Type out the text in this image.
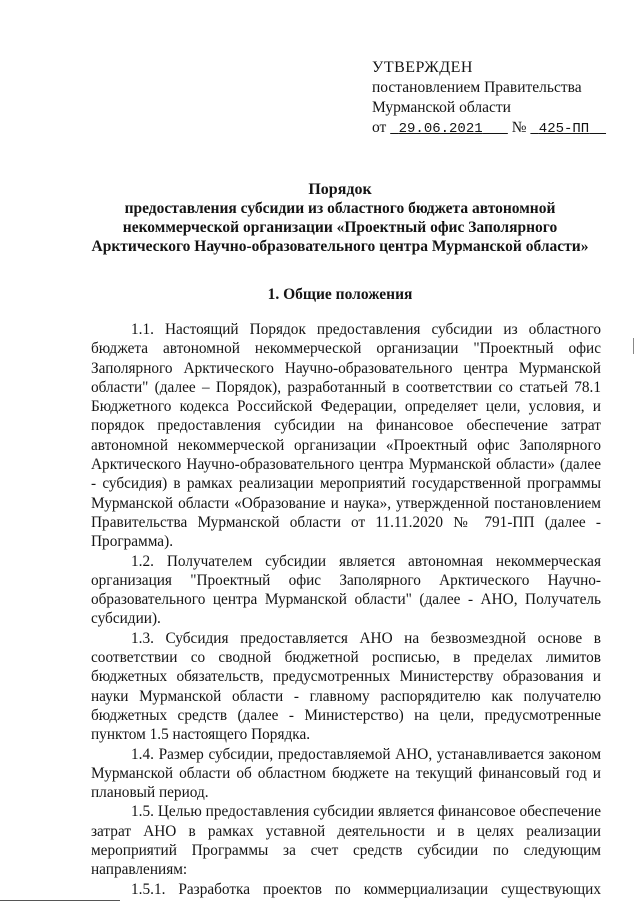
УТВЕРЖДЕН
постановлением Правительства
Мурманской области
от 29.06.2021 № 425-ПП
Порядок
предоставления субсидии из областного бюджета автономной некоммерческой организации «Проектный офис Заполярного Арктического Научно-образовательного центра Мурманской области»
1. Общие положения

1.1. Настоящий Порядок предоставления субсидии из областного бюджета автономной некоммерческой организации "Проектный офис Заполярного Арктического Научно-образовательного центра Мурманской области" (далее – Порядок), разработанный в соответствии со статьей 78.1 Бюджетного кодекса Российской Федерации, определяет цели, условия, и порядок предоставления субсидии на финансовое обеспечение затрат автономной некоммерческой организации «Проектный офис Заполярного Арктического Научно-образовательного центра Мурманской области» (далее - субсидия) в рамках реализации мероприятий государственной программы Мурманской области «Образование и наука», утвержденной постановлением Правительства Мурманской области от 11.11.2020 № 791-ПП (далее - Программа).

1.2. Получателем субсидии является автономная некоммерческая организация "Проектный офис Заполярного Арктического Научно-образовательного центра Мурманской области" (далее - АНО, Получатель субсидии).

1.3. Субсидия предоставляется АНО на безвозмездной основе в соответствии со сводной бюджетной росписью, в пределах лимитов бюджетных обязательств, предусмотренных Министерству образования и науки Мурманской области - главному распорядителю как получателю бюджетных средств (далее - Министерство) на цели, предусмотренные пунктом 1.5 настоящего Порядка.

1.4. Размер субсидии, предоставляемой АНО, устанавливается законом Мурманской области об областном бюджете на текущий финансовый год и плановый период.

1.5. Целью предоставления субсидии является финансовое обеспечение затрат АНО в рамках уставной деятельности и в целях реализации мероприятий Программы за счет средств субсидии по следующим направлениям:

1.5.1. Разработка проектов по коммерциализации существующих
